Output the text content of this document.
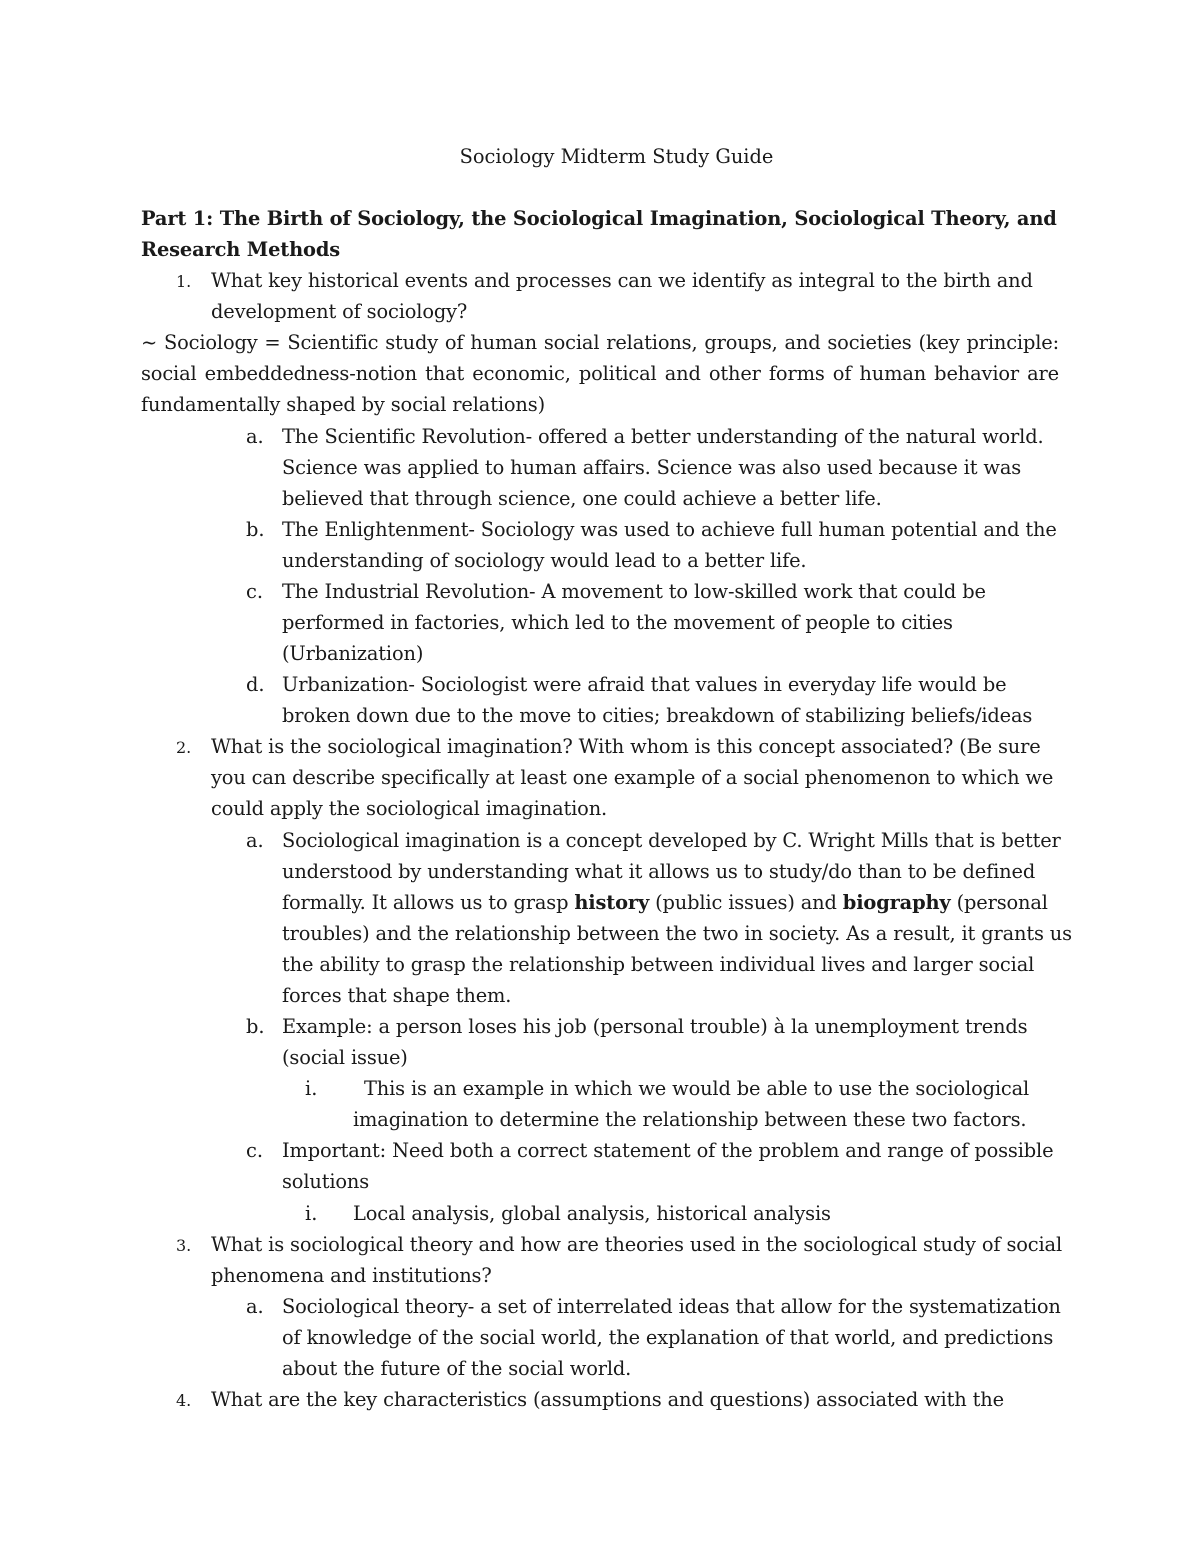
Sociology Midterm Study Guide
Part 1: The Birth of Sociology, the Sociological Imagination, Sociological Theory, and
Research Methods
1. What key historical events and processes can we identify as integral to the birth and
development of sociology?
~ Sociology = Scientific study of human social relations, groups, and societies (key principle:
social embeddedness-notion that economic, political and other forms of human behavior are
fundamentally shaped by social relations)
a. The Scientific Revolution- offered a better understanding of the natural world.
Science was applied to human affairs. Science was also used because it was
believed that through science, one could achieve a better life.
b. The Enlightenment- Sociology was used to achieve full human potential and the
understanding of sociology would lead to a better life.
c. The Industrial Revolution- A movement to low-skilled work that could be
performed in factories, which led to the movement of people to cities
(Urbanization)
d. Urbanization- Sociologist were afraid that values in everyday life would be
broken down due to the move to cities; breakdown of stabilizing beliefs/ideas
2. What is the sociological imagination? With whom is this concept associated? (Be sure
you can describe specifically at least one example of a social phenomenon to which we
could apply the sociological imagination.
a. Sociological imagination is a concept developed by C. Wright Mills that is better
understood by understanding what it allows us to study/do than to be defined
formally. It allows us to grasp history (public issues) and biography (personal
troubles) and the relationship between the two in society. As a result, it grants us
the ability to grasp the relationship between individual lives and larger social
forces that shape them.
b. Example: a person loses his job (personal trouble) à la unemployment trends
(social issue)
i. This is an example in which we would be able to use the sociological
imagination to determine the relationship between these two factors.
c. Important: Need both a correct statement of the problem and range of possible
solutions
i. Local analysis, global analysis, historical analysis
3. What is sociological theory and how are theories used in the sociological study of social
phenomena and institutions?
a. Sociological theory- a set of interrelated ideas that allow for the systematization
of knowledge of the social world, the explanation of that world, and predictions
about the future of the social world.
4. What are the key characteristics (assumptions and questions) associated with the
